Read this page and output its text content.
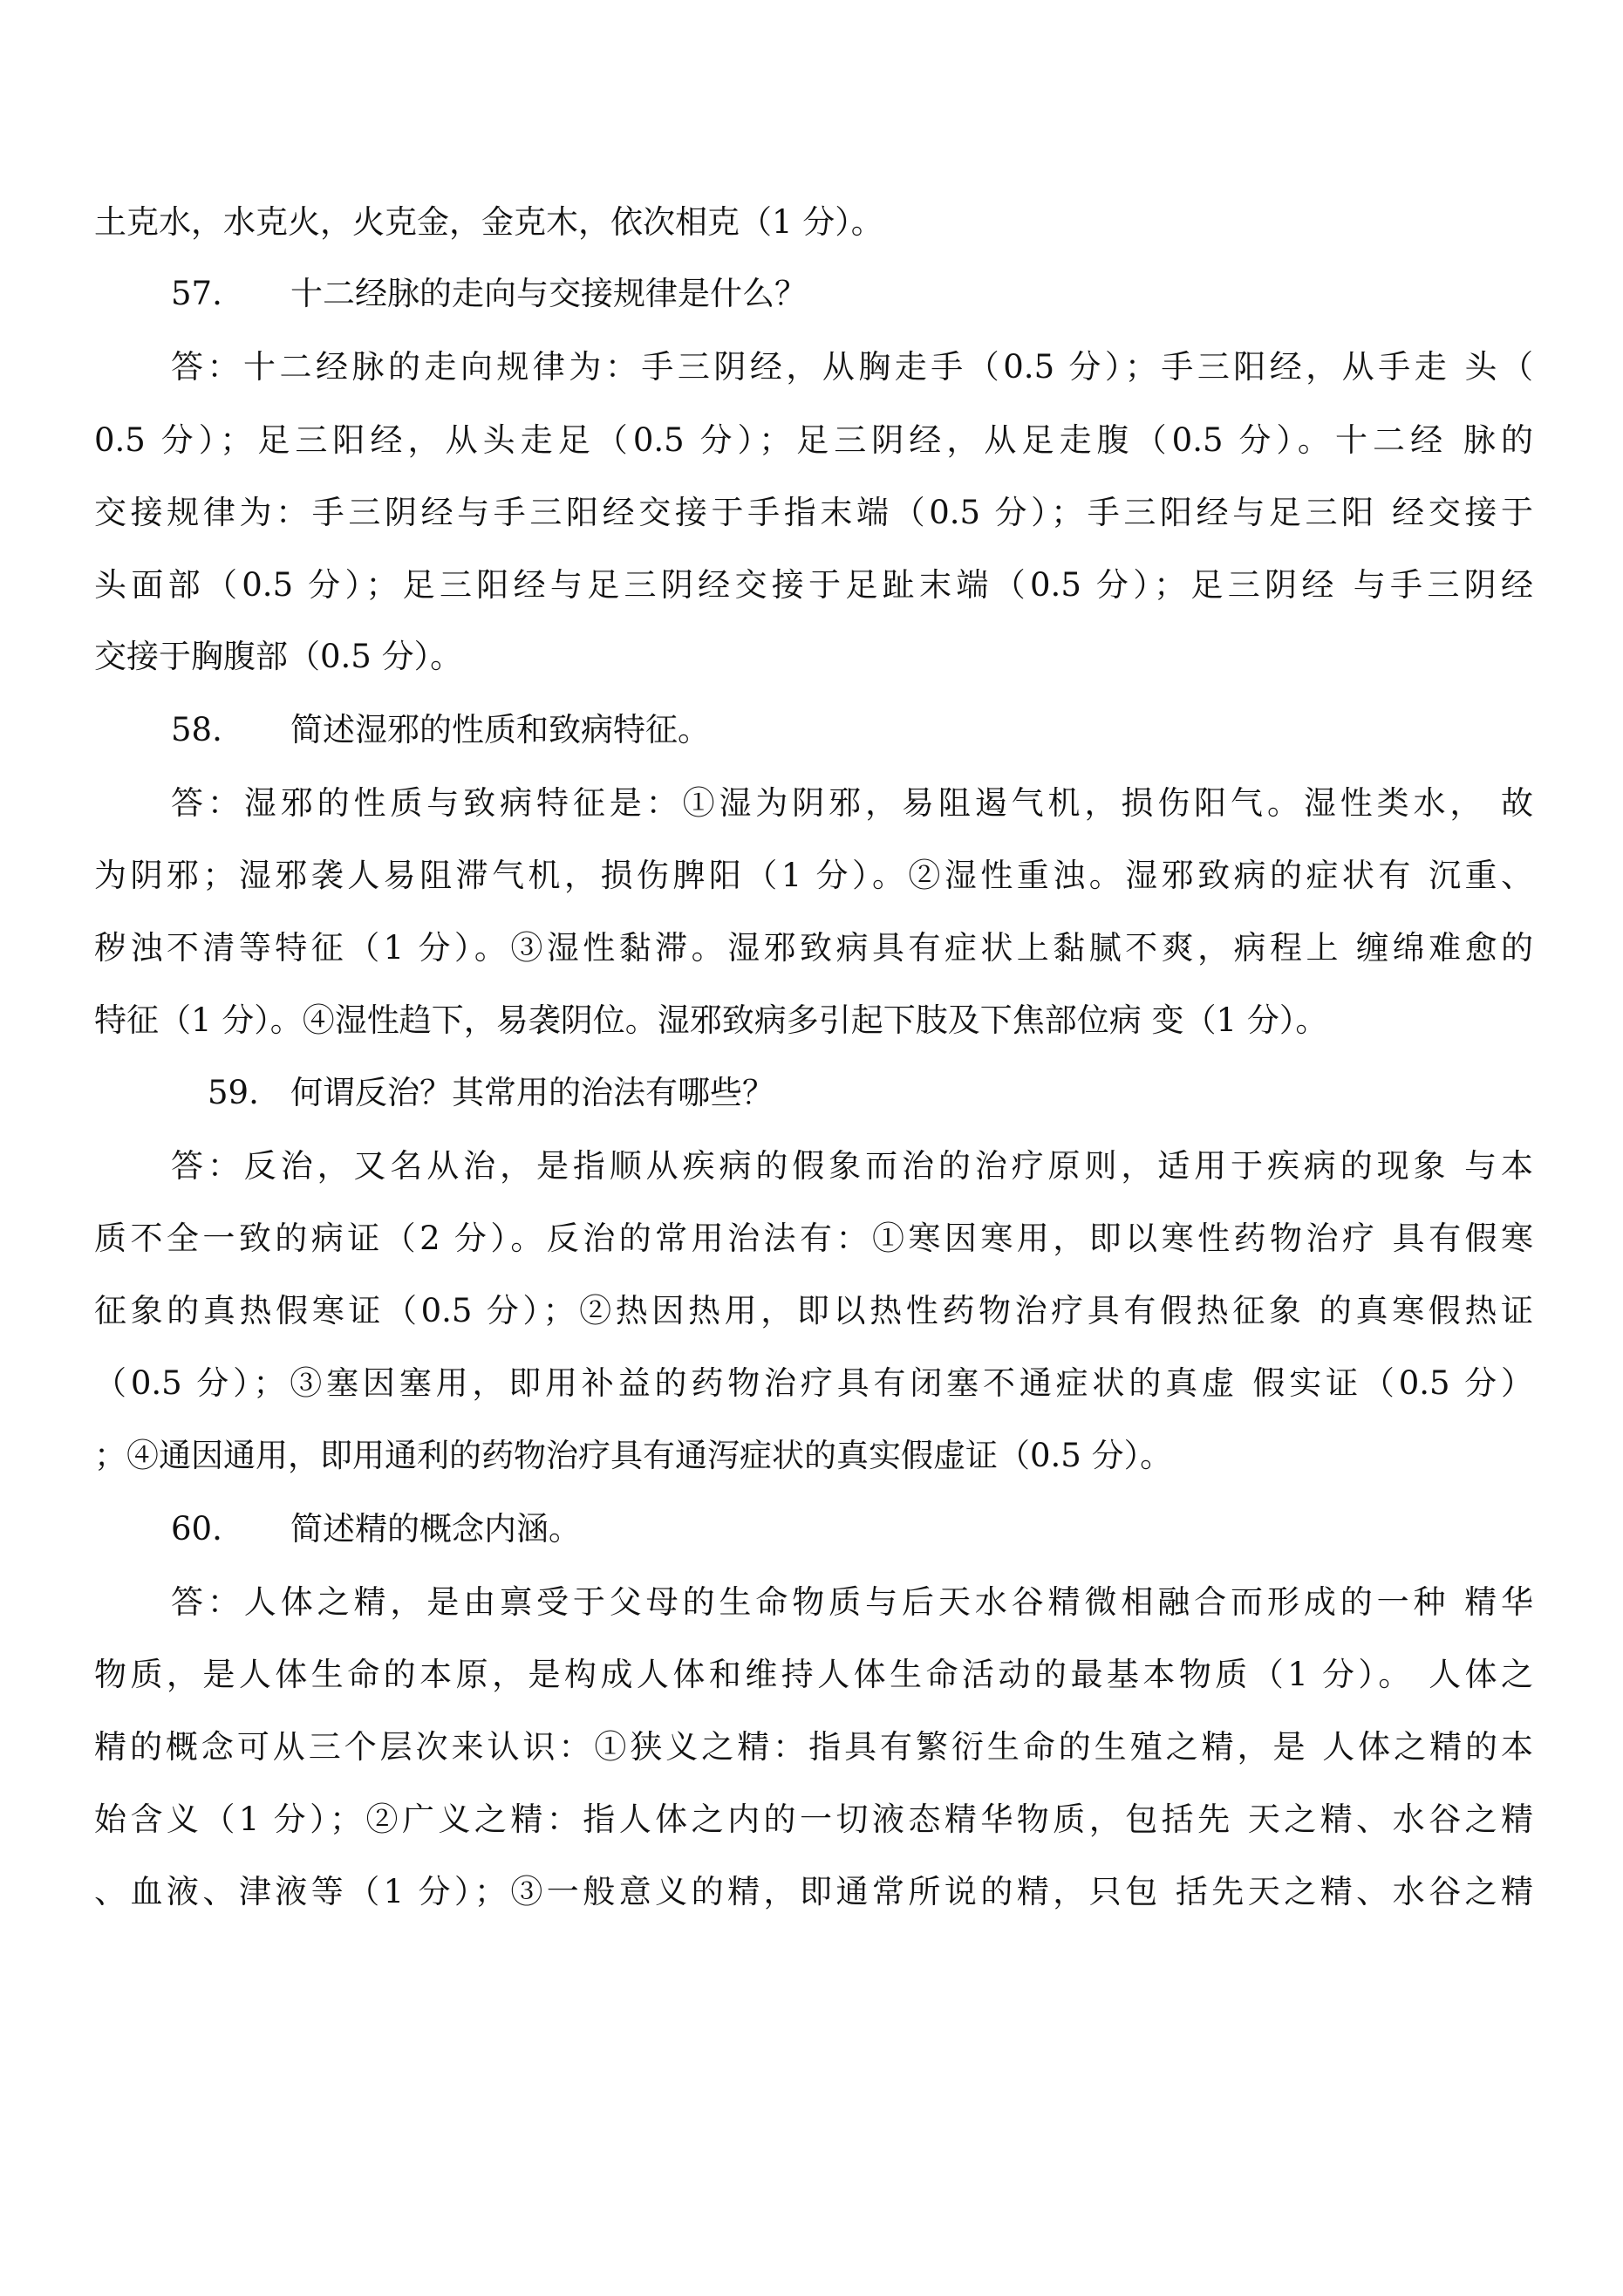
土克水，水克火，火克金，金克木，依次相克（1 分）。
57. 十二经脉的走向与交接规律是什么？
答：十二经脉的走向规律为：手三阴经，从胸走手（0.5 分）；手三阳经，从手走 头（
0.5 分）；足三阳经，从头走足（0.5 分）；足三阴经，从足走腹（0.5 分）。十二经 脉的
交接规律为：手三阴经与手三阳经交接于手指末端（0.5 分）；手三阳经与足三阳 经交接于
头面部（0.5 分）；足三阳经与足三阴经交接于足趾末端（0.5 分）；足三阴经 与手三阴经
交接于胸腹部（0.5 分）。
58. 简述湿邪的性质和致病特征。
答：湿邪的性质与致病特征是：①湿为阴邪，易阻遏气机，损伤阳气。湿性类水， 故
为阴邪；湿邪袭人易阻滞气机，损伤脾阳（1 分）。②湿性重浊。湿邪致病的症状有 沉重、
秽浊不清等特征（1 分）。③湿性黏滞。湿邪致病具有症状上黏腻不爽，病程上 缠绵难愈的
特征（1 分）。④湿性趋下，易袭阴位。湿邪致病多引起下肢及下焦部位病 变（1 分）。
59. 何谓反治？其常用的治法有哪些？
答：反治，又名从治，是指顺从疾病的假象而治的治疗原则，适用于疾病的现象 与本
质不全一致的病证（2 分）。反治的常用治法有：①寒因寒用，即以寒性药物治疗 具有假寒
征象的真热假寒证（0.5 分）；②热因热用，即以热性药物治疗具有假热征象 的真寒假热证
（0.5 分）；③塞因塞用，即用补益的药物治疗具有闭塞不通症状的真虚 假实证（0.5 分）
；④通因通用，即用通利的药物治疗具有通泻症状的真实假虚证（0.5 分）。
60. 简述精的概念内涵。
答：人体之精，是由禀受于父母的生命物质与后天水谷精微相融合而形成的一种 精华
物质，是人体生命的本原，是构成人体和维持人体生命活动的最基本物质（1 分）。 人体之
精的概念可从三个层次来认识：①狭义之精：指具有繁衍生命的生殖之精，是 人体之精的本
始含义（1 分）；②广义之精：指人体之内的一切液态精华物质，包括先 天之精、水谷之精
、血液、津液等（1 分）；③一般意义的精，即通常所说的精，只包 括先天之精、水谷之精
